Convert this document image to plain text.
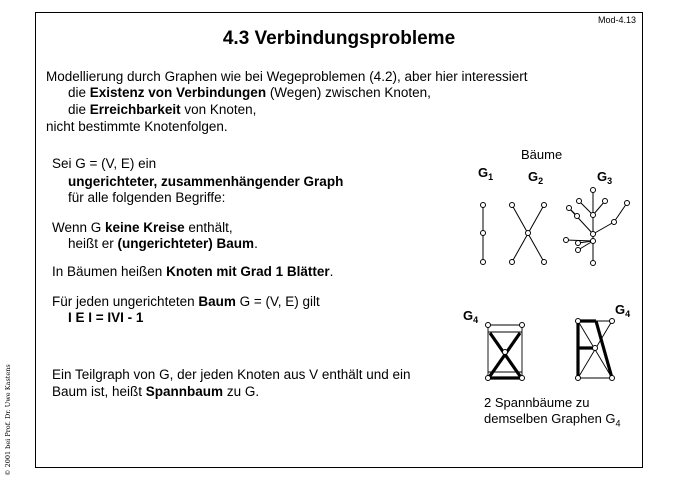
Mod-4.13
4.3 Verbindungsprobleme
© 2001 bei Prof. Dr. Uwe Kastens
Modellierung durch Graphen wie bei Wegeproblemen (4.2), aber hier interessiert
die Existenz von Verbindungen (Wegen) zwischen Knoten,
die Erreichbarkeit von Knoten,
nicht bestimmte Knotenfolgen.
Sei G = (V, E) ein
ungerichteter, zusammenhängender Graph
für alle folgenden Begriffe:
Wenn G keine Kreise enthält,
heißt er (ungerichteter) Baum.
In Bäumen heißen Knoten mit Grad 1 Blätter.
Für jeden ungerichteten Baum G = (V, E) gilt
I E I = IVI - 1
Ein Teilgraph von G, der jeden Knoten aus V enthält und ein
Baum ist, heißt Spannbaum zu G.
Bäume
$G_1$	$G_2$	$G_3$
$G_4$
$G_4$
2 Spannbäume zu
demselben Graphen $G_4$
